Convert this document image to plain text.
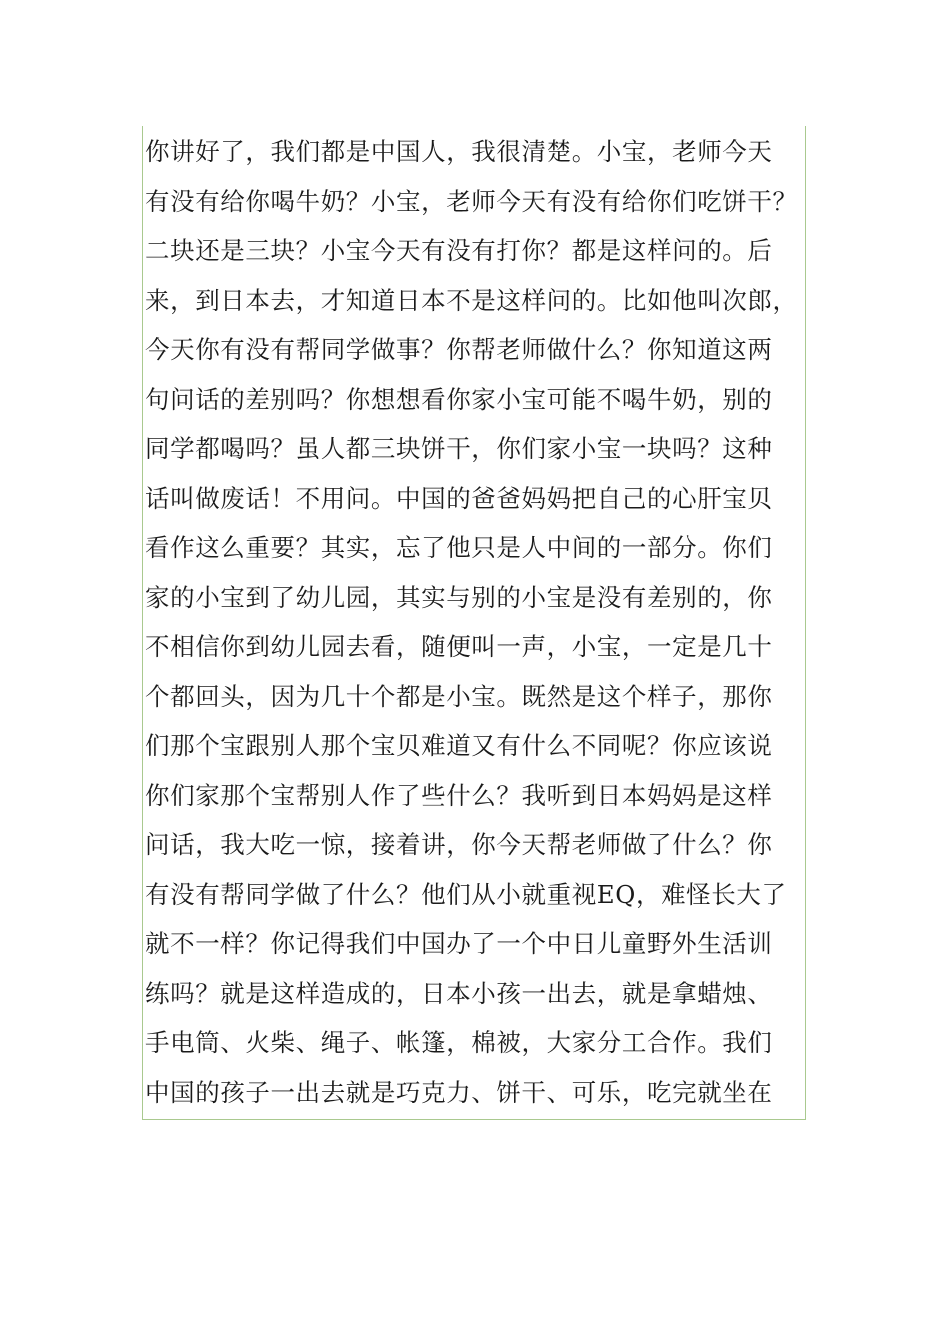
你讲好了，我们都是中国人，我很清楚。小宝，老师今天
有没有给你喝牛奶？小宝，老师今天有没有给你们吃饼干？
二块还是三块？小宝今天有没有打你？都是这样问的。后
来，到日本去，才知道日本不是这样问的。比如他叫次郎，
今天你有没有帮同学做事？你帮老师做什么？你知道这两
句问话的差别吗？你想想看你家小宝可能不喝牛奶，别的
同学都喝吗？虽人都三块饼干，你们家小宝一块吗？这种
话叫做废话！不用问。中国的爸爸妈妈把自己的心肝宝贝
看作这么重要？其实，忘了他只是人中间的一部分。你们
家的小宝到了幼儿园，其实与别的小宝是没有差别的，你
不相信你到幼儿园去看，随便叫一声，小宝，一定是几十
个都回头，因为几十个都是小宝。既然是这个样子，那你
们那个宝跟别人那个宝贝难道又有什么不同呢？你应该说
你们家那个宝帮别人作了些什么？我听到日本妈妈是这样
问话，我大吃一惊，接着讲，你今天帮老师做了什么？你
有没有帮同学做了什么？他们从小就重视EQ，难怪长大了
就不一样？你记得我们中国办了一个中日儿童野外生活训
练吗？就是这样造成的，日本小孩一出去，就是拿蜡烛、
手电筒、火柴、绳子、帐篷，棉被，大家分工合作。我们
中国的孩子一出去就是巧克力、饼干、可乐，吃完就坐在
